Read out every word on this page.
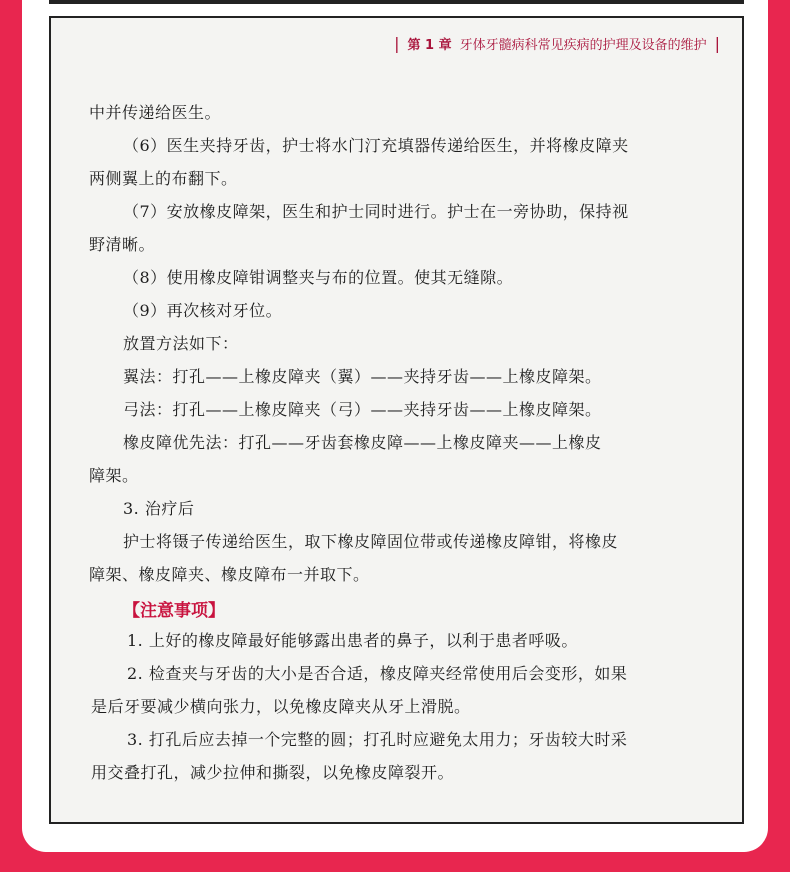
| 第 1 章 牙体牙髓病科常见疾病的护理及设备的维护 |
中并传递给医生。
（6）医生夹持牙齿，护士将水门汀充填器传递给医生，并将橡皮障夹
两侧翼上的布翻下。
（7）安放橡皮障架，医生和护士同时进行。护士在一旁协助，保持视
野清晰。
（8）使用橡皮障钳调整夹与布的位置。使其无缝隙。
（9）再次核对牙位。
放置方法如下：
翼法：打孔——上橡皮障夹（翼）——夹持牙齿——上橡皮障架。
弓法：打孔——上橡皮障夹（弓）——夹持牙齿——上橡皮障架。
橡皮障优先法：打孔——牙齿套橡皮障——上橡皮障夹——上橡皮
障架。
3. 治疗后
护士将镊子传递给医生，取下橡皮障固位带或传递橡皮障钳，将橡皮
障架、橡皮障夹、橡皮障布一并取下。
【注意事项】
1. 上好的橡皮障最好能够露出患者的鼻子，以利于患者呼吸。
2. 检查夹与牙齿的大小是否合适，橡皮障夹经常使用后会变形，如果
是后牙要减少横向张力，以免橡皮障夹从牙上滑脱。
3. 打孔后应去掉一个完整的圆；打孔时应避免太用力；牙齿较大时采
用交叠打孔，减少拉伸和撕裂，以免橡皮障裂开。
